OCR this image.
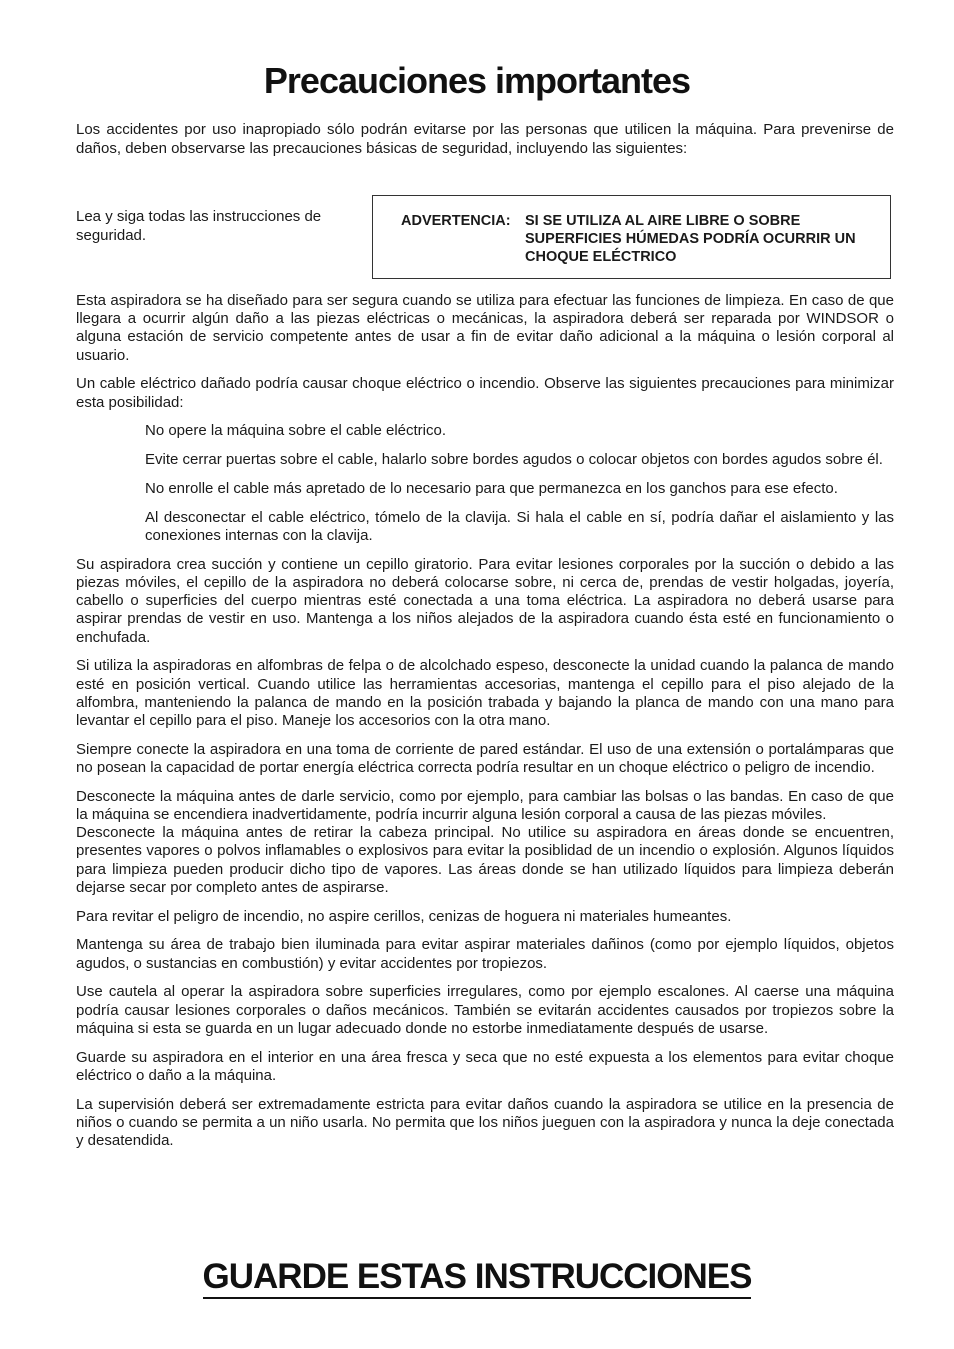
Precauciones importantes
Los accidentes por uso inapropiado sólo podrán evitarse por las personas que utilicen la máquina. Para prevenirse de daños, deben observarse las precauciones básicas de seguridad, incluyendo las siguientes:
Lea y siga todas las instrucciones de seguridad.
ADVERTENCIA: SI SE UTILIZA AL AIRE LIBRE O SOBRE SUPERFICIES HÚMEDAS PODRÍA OCURRIR UN CHOQUE ELÉCTRICO

Esta aspiradora se ha diseñado para ser segura cuando se utiliza para efectuar las funciones de limpieza. En caso de que llegara a ocurrir algún daño a las piezas eléctricas o mecánicas, la aspiradora deberá ser reparada por WINDSOR o alguna estación de servicio competente antes de usar a fin de evitar daño adicional a la máquina o lesión corporal al usuario.

Un cable eléctrico dañado podría causar choque eléctrico o incendio. Observe las siguientes precauciones para minimizar esta posibilidad:

No opere la máquina sobre el cable eléctrico.

Evite cerrar puertas sobre el cable, halarlo sobre bordes agudos o colocar objetos con bordes agudos sobre él.

No enrolle el cable más apretado de lo necesario para que permanezca en los ganchos para ese efecto.

Al desconectar el cable eléctrico, tómelo de la clavija. Si hala el cable en sí, podría dañar el aislamiento y las conexiones internas con la clavija.

Su aspiradora crea succión y contiene un cepillo giratorio. Para evitar lesiones corporales por la succión o debido a las piezas móviles, el cepillo de la aspiradora no deberá colocarse sobre, ni cerca de, prendas de vestir holgadas, joyería, cabello o superficies del cuerpo mientras esté conectada a una toma eléctrica. La aspiradora no deberá usarse para aspirar prendas de vestir en uso. Mantenga a los niños alejados de la aspiradora cuando ésta esté en funcionamiento o enchufada.

Si utiliza la aspiradoras en alfombras de felpa o de alcolchado espeso, desconecte la unidad cuando la palanca de mando esté en posición vertical. Cuando utilice las herramientas accesorias, mantenga el cepillo para el piso alejado de la alfombra, manteniendo la palanca de mando en la posición trabada y bajando la planca de mando con una mano para levantar el cepillo para el piso. Maneje los accesorios con la otra mano.

Siempre conecte la aspiradora en una toma de corriente de pared estándar. El uso de una extensión o portalámparas que no posean la capacidad de portar energía eléctrica correcta podría resultar en un choque eléctrico o peligro de incendio.

Desconecte la máquina antes de darle servicio, como por ejemplo, para cambiar las bolsas o las bandas. En caso de que la máquina se encendiera inadvertidamente, podría incurrir alguna lesión corporal a causa de las piezas móviles.

Desconecte la máquina antes de retirar la cabeza principal. No utilice su aspiradora en áreas donde se encuentren, presentes vapores o polvos inflamables o explosivos para evitar la posiblidad de un incendio o explosión. Algunos líquidos para limpieza pueden producir dicho tipo de vapores. Las áreas donde se han utilizado líquidos para limpieza deberán dejarse secar por completo antes de aspirarse.

Para revitar el peligro de incendio, no aspire cerillos, cenizas de hoguera ni materiales humeantes.

Mantenga su área de trabajo bien iluminada para evitar aspirar materiales dañinos (como por ejemplo líquidos, objetos agudos, o sustancias en combustión) y evitar accidentes por tropiezos.

Use cautela al operar la aspiradora sobre superficies irregulares, como por ejemplo escalones. Al caerse una máquina podría causar lesiones corporales o daños mecánicos. También se evitarán accidentes causados por tropiezos sobre la máquina si esta se guarda en un lugar adecuado donde no estorbe inmediatamente después de usarse.

Guarde su aspiradora en el interior en una área fresca y seca que no esté expuesta a los elementos para evitar choque eléctrico o daño a la máquina.

La supervisión deberá ser extremadamente estricta para evitar daños cuando la aspiradora se utilice en la presencia de niños o cuando se permita a un niño usarla. No permita que los niños jueguen con la aspiradora y nunca la deje conectada y desatendida.

GUARDE ESTAS INSTRUCCIONES
